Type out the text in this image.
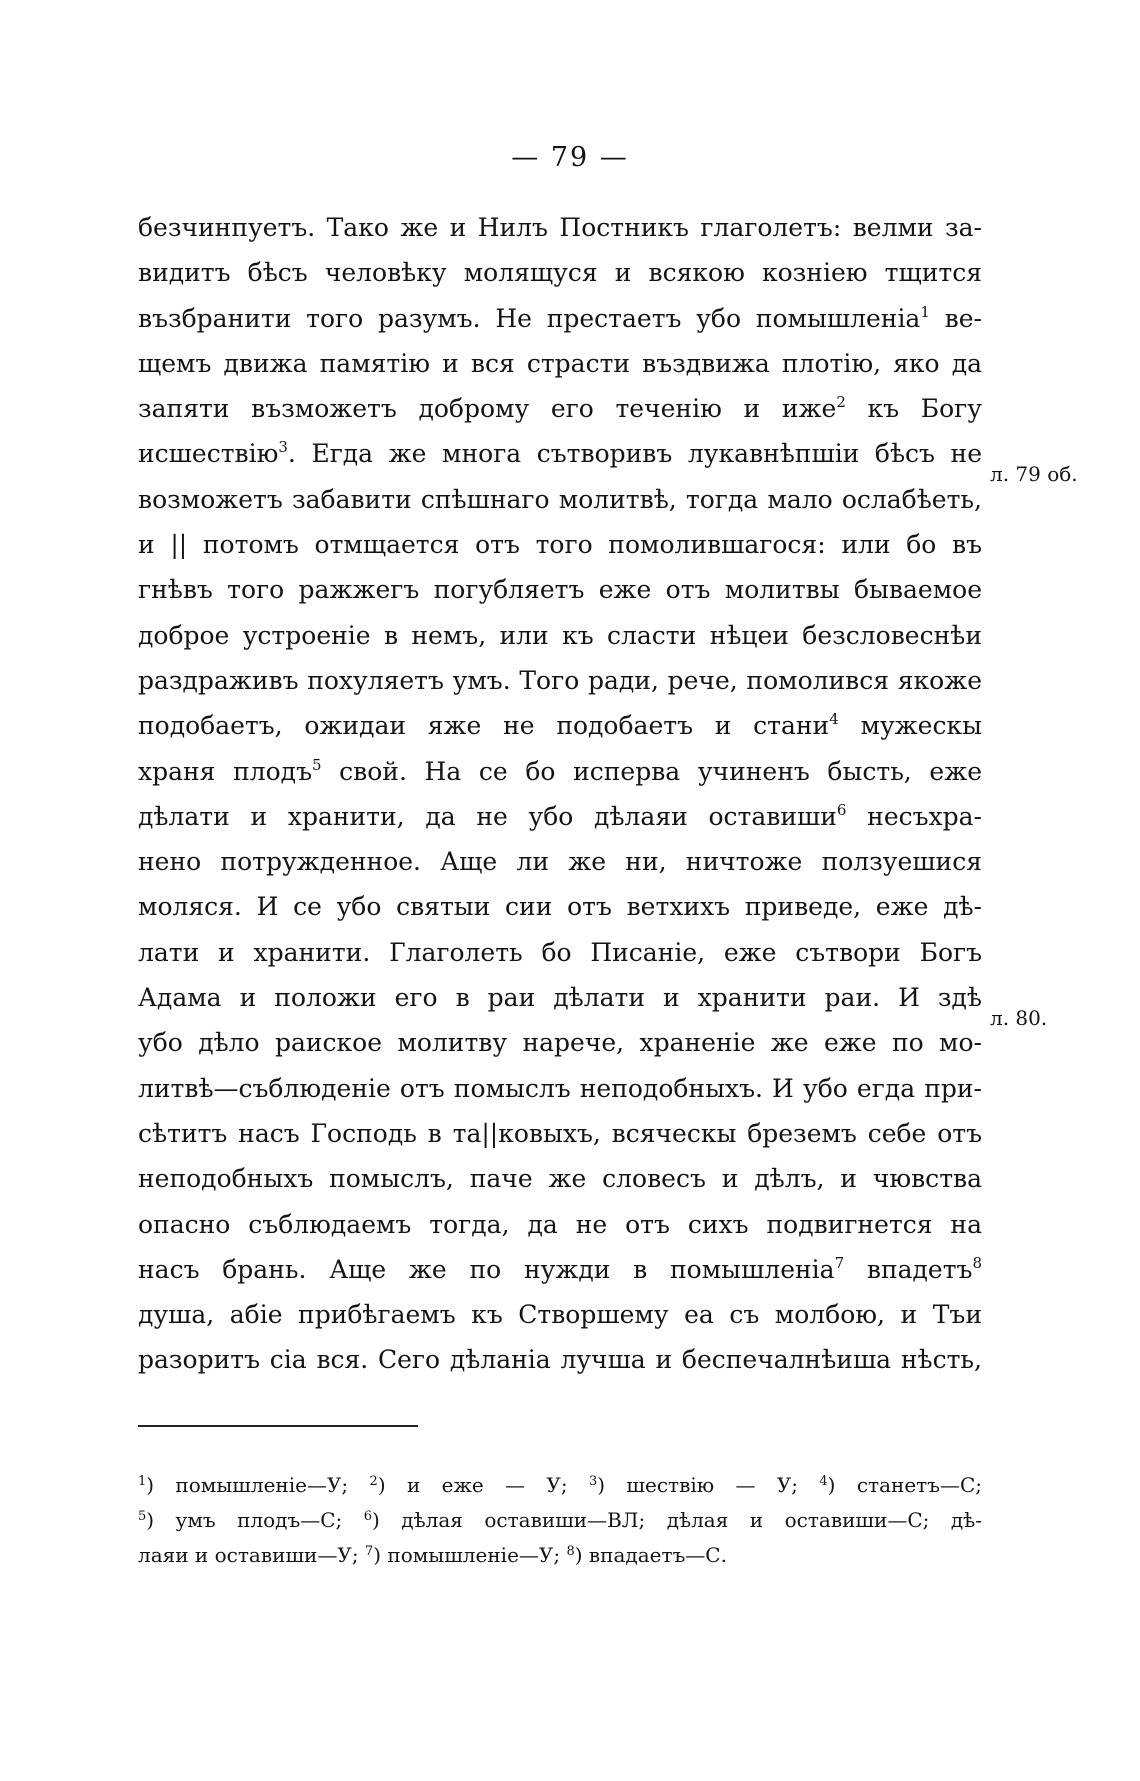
— 79 —
безчинпуетъ. Тако же и Нилъ Постникъ глаголетъ: велми за-
видитъ бѣсъ человѣку молящуся и всякою козніею тщится
възбранити того разумъ. Не престаетъ убо помышленіа$^1$ ве-
щемъ движа памятію и вся страсти въздвижа плотію, яко да
запяти възможетъ доброму его теченію и иже$^2$ къ Богу
исшествію$^3$. Егда же многа сътворивъ лукавнѣпшіи бѣсъ не
возможетъ забавити спѣшнаго молитвѣ, тогда мало ослабѣеть,
и || потомъ отмщается отъ того помолившагося: или бо въ
гнѣвъ того ражжегъ погубляетъ еже отъ молитвы бываемое
доброе устроеніе в немъ, или къ сласти нѣцеи безсловеснѣи
раздраживъ похуляетъ умъ. Того ради, рече, помолився якоже
подобаетъ, ожидаи яже не подобаетъ и стани$^4$ мужескы
храня плодъ$^5$ свой. На се бо исперва учиненъ бысть, еже
дѣлати и хранити, да не убо дѣлаяи оставиши$^6$ несъхра-
нено потружденное. Аще ли же ни, ничтоже ползуешися
моляся. И се убо святыи сии отъ ветхихъ приведе, еже дѣ-
лати и хранити. Глаголеть бо Писаніе, еже сътвори Богъ
Адама и положи его в раи дѣлати и хранити раи. И здѣ
убо дѣло раиское молитву нарече, храненіе же еже по мо-
литвѣ—съблюденіе отъ помыслъ неподобныхъ. И убо егда при-
сѣтитъ насъ Господь в та||ковыхъ, всяческы бреземъ себе отъ
неподобныхъ помыслъ, паче же словесъ и дѣлъ, и чювства
опасно съблюдаемъ тогда, да не отъ сихъ подвигнется на
насъ брань. Аще же по нужди в помышленіа$^7$ впадетъ$^8$
душа, абіе прибѣгаемъ къ Створшему еа съ молбою, и Тъи
разоритъ сіа вся. Сего дѣланіа лучша и беспечалнѣиша нѣсть,
л. 79 об.
л. 80.
$^1$) помышленіе—У; $^2$) и еже — У; $^3$) шествію — У; $^4$) станетъ—С;
$^5$) умъ плодъ—С; $^6$) дѣлая оставиши—ВЛ; дѣлая и оставиши—С; дѣ-
лаяи и оставиши—У; $^7$) помышленіе—У; $^8$) впадаетъ—С.
